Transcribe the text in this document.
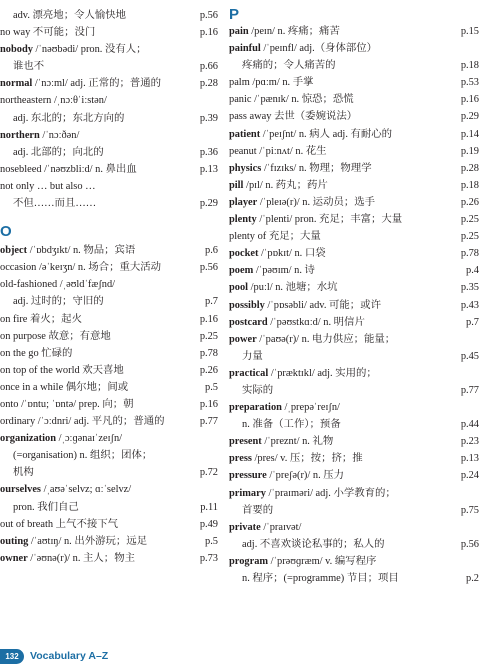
adv. 漂亮地；令人愉快地	p.56
no way 不可能；没门	p.16
nobody /ˈnəʊbədi/ pron. 没有人；
谁也不	p.66
normal /ˈnɔːml/ adj. 正常的；普通的	p.28
northeastern /ˌnɔːθˈiːstən/
adj. 东北的；东北方向的	p.39
northern /ˈnɔːðən/
adj. 北部的；向北的	p.36
nosebleed /ˈnəʊzbliːd/ n. 鼻出血	p.13
not only … but also …
不但……而且……	p.29
O
object /ˈɒbdʒɪkt/ n. 物品；宾语	p.6
occasion /əˈkeɪʒn/ n. 场合；重大活动	p.56
old-fashioned /ˌəʊldˈfæʃnd/
adj. 过时的；守旧的	p.7
on fire 着火；起火	p.16
on purpose 故意；有意地	p.25
on the go 忙碌的	p.78
on top of the world 欢天喜地	p.26
once in a while 偶尔地；间或	p.5
onto /ˈɒntu; ˈɒntə/ prep. 向；朝	p.16
ordinary /ˈɔːdnri/ adj. 平凡的；普通的	p.77
organization /ˌɔːɡənaɪˈzeɪʃn/
(=organisation) n. 组织；团体；
机构	p.72
ourselves /ˌaʊəˈselvz; ɑːˈselvz/
pron. 我们自己	p.11
out of breath 上气不接下气	p.49
outing /ˈaʊtɪŋ/ n. 出外游玩；远足	p.5
owner /ˈəʊnə(r)/ n. 主人；物主	p.73
P
pain /peɪn/ n. 疼痛；痛苦	p.15
painful /ˈpeɪnfl/ adj.（身体部位）
疼痛的；令人痛苦的	p.18
palm /pɑːm/ n. 手掌	p.53
panic /ˈpænɪk/ n. 惊恐；恐慌	p.16
pass away 去世（委婉说法）	p.29
patient /ˈpeɪʃnt/ n. 病人 adj. 有耐心的	p.14
peanut /ˈpiːnʌt/ n. 花生	p.19
physics /ˈfɪzɪks/ n. 物理；物理学	p.28
pill /pɪl/ n. 药丸；药片	p.18
player /ˈpleɪə(r)/ n. 运动员；选手	p.26
plenty /ˈplenti/ pron. 充足；丰富；大量	p.25
plenty of 充足；大量	p.25
pocket /ˈpɒkɪt/ n. 口袋	p.78
poem /ˈpəʊɪm/ n. 诗	p.4
pool /puːl/ n. 池塘；水坑	p.35
possibly /ˈpɒsəbli/ adv. 可能；或许	p.43
postcard /ˈpəʊstkɑːd/ n. 明信片	p.7
power /ˈpaʊə(r)/ n. 电力供应；能量；
力量	p.45
practical /ˈpræktɪkl/ adj. 实用的；
实际的	p.77
preparation /ˌprepəˈreɪʃn/
n. 准备（工作）；预备	p.44
present /ˈpreznt/ n. 礼物	p.23
press /pres/ v. 压；按；挤；推	p.13
pressure /ˈpreʃə(r)/ n. 压力	p.24
primary /ˈpraɪməri/ adj. 小学教育的；
首要的	p.75
private /ˈpraɪvət/
adj. 不喜欢谈论私事的；私人的	p.56
program /ˈprəʊɡræm/ v. 编写程序
n. 程序；(=programme) 节目；项目	p.2
132	Vocabulary A–Z
